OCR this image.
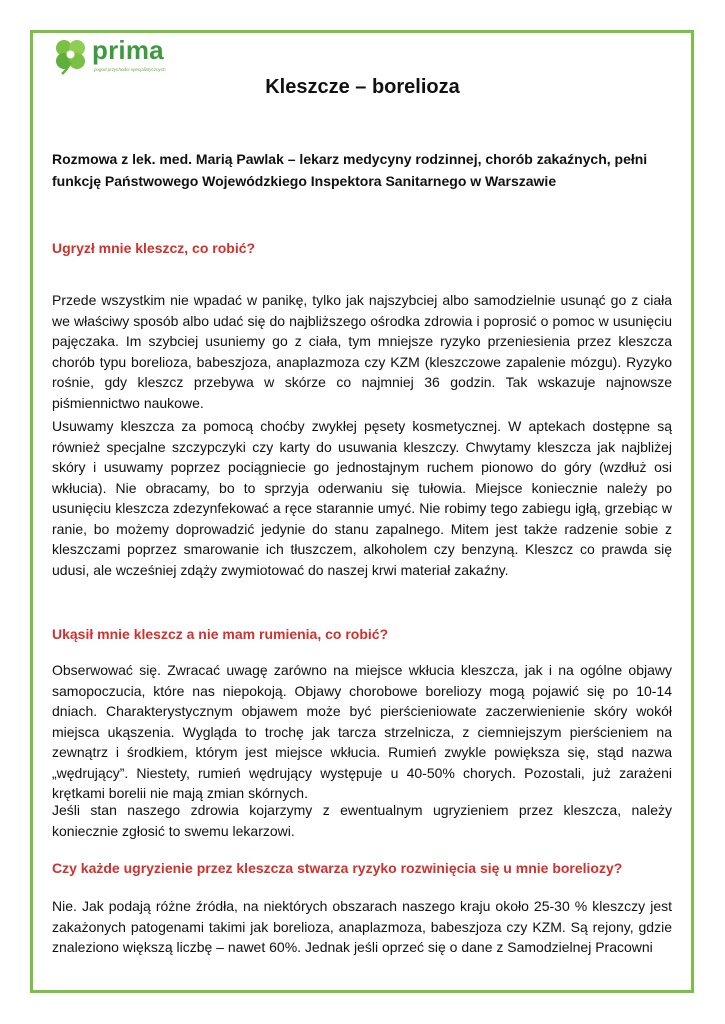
prima
pogod przychodni specjalistycznych
Kleszcze – borelioza
Rozmowa z lek. med. Marią Pawlak – lekarz medycyny rodzinnej, chorób zakaźnych, pełni funkcję Państwowego Wojewódzkiego Inspektora Sanitarnego w Warszawie
Ugryzł mnie kleszcz, co robić?

Przede wszystkim nie wpadać w panikę, tylko jak najszybciej albo samodzielnie usunąć go z ciała we właściwy sposób albo udać się do najbliższego ośrodka zdrowia i poprosić o pomoc w usunięciu pajęczaka. Im szybciej usuniemy go z ciała, tym mniejsze ryzyko przeniesienia przez kleszcza chorób typu borelioza, babeszjoza, anaplazmoza czy KZM (kleszczowe zapalenie mózgu). Ryzyko rośnie, gdy kleszcz przebywa w skórze co najmniej 36 godzin. Tak wskazuje najnowsze piśmiennictwo naukowe.

Usuwamy kleszcza za pomocą choćby zwykłej pęsety kosmetycznej. W aptekach dostępne są również specjalne szczypczyki czy karty do usuwania kleszczy. Chwytamy kleszcza jak najbliżej skóry i usuwamy poprzez pociągniecie go jednostajnym ruchem pionowo do góry (wzdłuż osi wkłucia). Nie obracamy, bo to sprzyja oderwaniu się tułowia. Miejsce koniecznie należy po usunięciu kleszcza zdezynfekować a ręce starannie umyć. Nie robimy tego zabiegu igłą, grzebiąc w ranie, bo możemy doprowadzić jedynie do stanu zapalnego. Mitem jest także radzenie sobie z kleszczami poprzez smarowanie ich tłuszczem, alkoholem czy benzyną. Kleszcz co prawda się udusi, ale wcześniej zdąży zwymiotować do naszej krwi materiał zakaźny.

Ukąsił mnie kleszcz a nie mam rumienia, co robić?

Obserwować się. Zwracać uwagę zarówno na miejsce wkłucia kleszcza, jak i na ogólne objawy samopoczucia, które nas niepokoją. Objawy chorobowe boreliozy mogą pojawić się po 10-14 dniach. Charakterystycznym objawem może być pierścieniowate zaczerwienienie skóry wokół miejsca ukąszenia. Wygląda to trochę jak tarcza strzelnicza, z ciemniejszym pierścieniem na zewnątrz i środkiem, którym jest miejsce wkłucia. Rumień zwykle powiększa się, stąd nazwa „wędrujący”. Niestety, rumień wędrujący występuje u 40-50% chorych. Pozostali, już zarażeni krętkami borelii nie mają zmian skórnych.

Jeśli stan naszego zdrowia kojarzymy z ewentualnym ugryzieniem przez kleszcza, należy koniecznie zgłosić to swemu lekarzowi.

Czy każde ugryzienie przez kleszcza stwarza ryzyko rozwinięcia się u mnie boreliozy?

Nie. Jak podają różne źródła, na niektórych obszarach naszego kraju około 25-30 % kleszczy jest zakażonych patogenami takimi jak borelioza, anaplazmoza, babeszjoza czy KZM. Są rejony, gdzie znaleziono większą liczbę – nawet 60%. Jednak jeśli oprzeć się o dane z Samodzielnej Pracowni
